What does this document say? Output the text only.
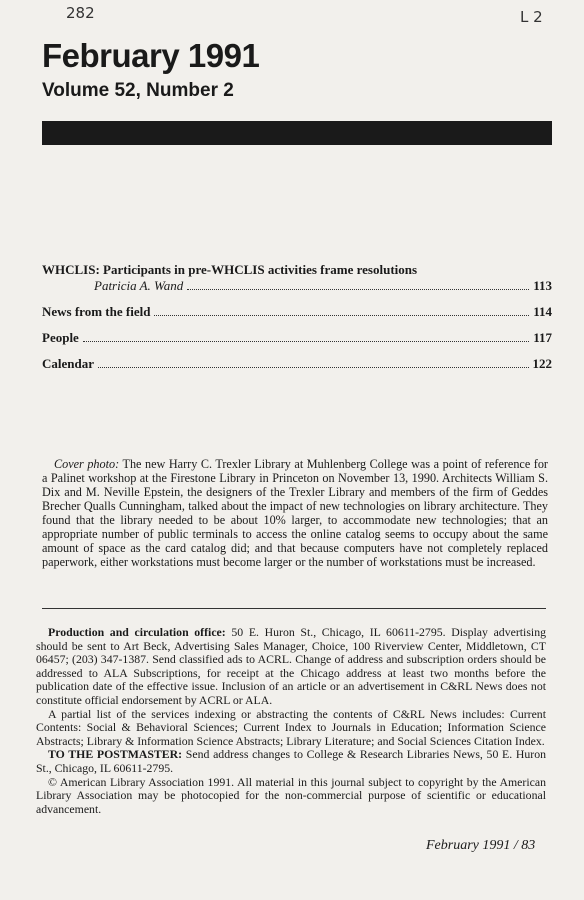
282	L 2
February 1991
Volume 52, Number 2
WHCLIS: Participants in pre-WHCLIS activities frame resolutions
Patricia A. Wand	113
News from the field	114
People	117
Calendar	122
Cover photo: The new Harry C. Trexler Library at Muhlenberg College was a point of reference for a Palinet workshop at the Firestone Library in Princeton on November 13, 1990. Architects William S. Dix and M. Neville Epstein, the designers of the Trexler Library and members of the firm of Geddes Brecher Qualls Cunningham, talked about the impact of new technologies on library architecture. They found that the library needed to be about 10% larger, to accommodate new technologies; that an appropriate number of public terminals to access the online catalog seems to occupy about the same amount of space as the card catalog did; and that because computers have not completely replaced paperwork, either workstations must become larger or the number of workstations must be increased.

Production and circulation office: 50 E. Huron St., Chicago, IL 60611-2795. Display advertising should be sent to Art Beck, Advertising Sales Manager, Choice, 100 Riverview Center, Middletown, CT 06457; (203) 347-1387. Send classified ads to ACRL. Change of address and subscription orders should be addressed to ALA Subscriptions, for receipt at the Chicago address at least two months before the publication date of the effective issue. Inclusion of an article or an advertisement in C&RL News does not constitute official endorsement by ACRL or ALA.

A partial list of the services indexing or abstracting the contents of C&RL News includes: Current Contents: Social & Behavioral Sciences; Current Index to Journals in Education; Information Science Abstracts; Library & Information Science Abstracts; Library Literature; and Social Sciences Citation Index.

TO THE POSTMASTER: Send address changes to College & Research Libraries News, 50 E. Huron St., Chicago, IL 60611-2795.

© American Library Association 1991. All material in this journal subject to copyright by the American Library Association may be photocopied for the non-commercial purpose of scientific or educational advancement.

February 1991 / 83
